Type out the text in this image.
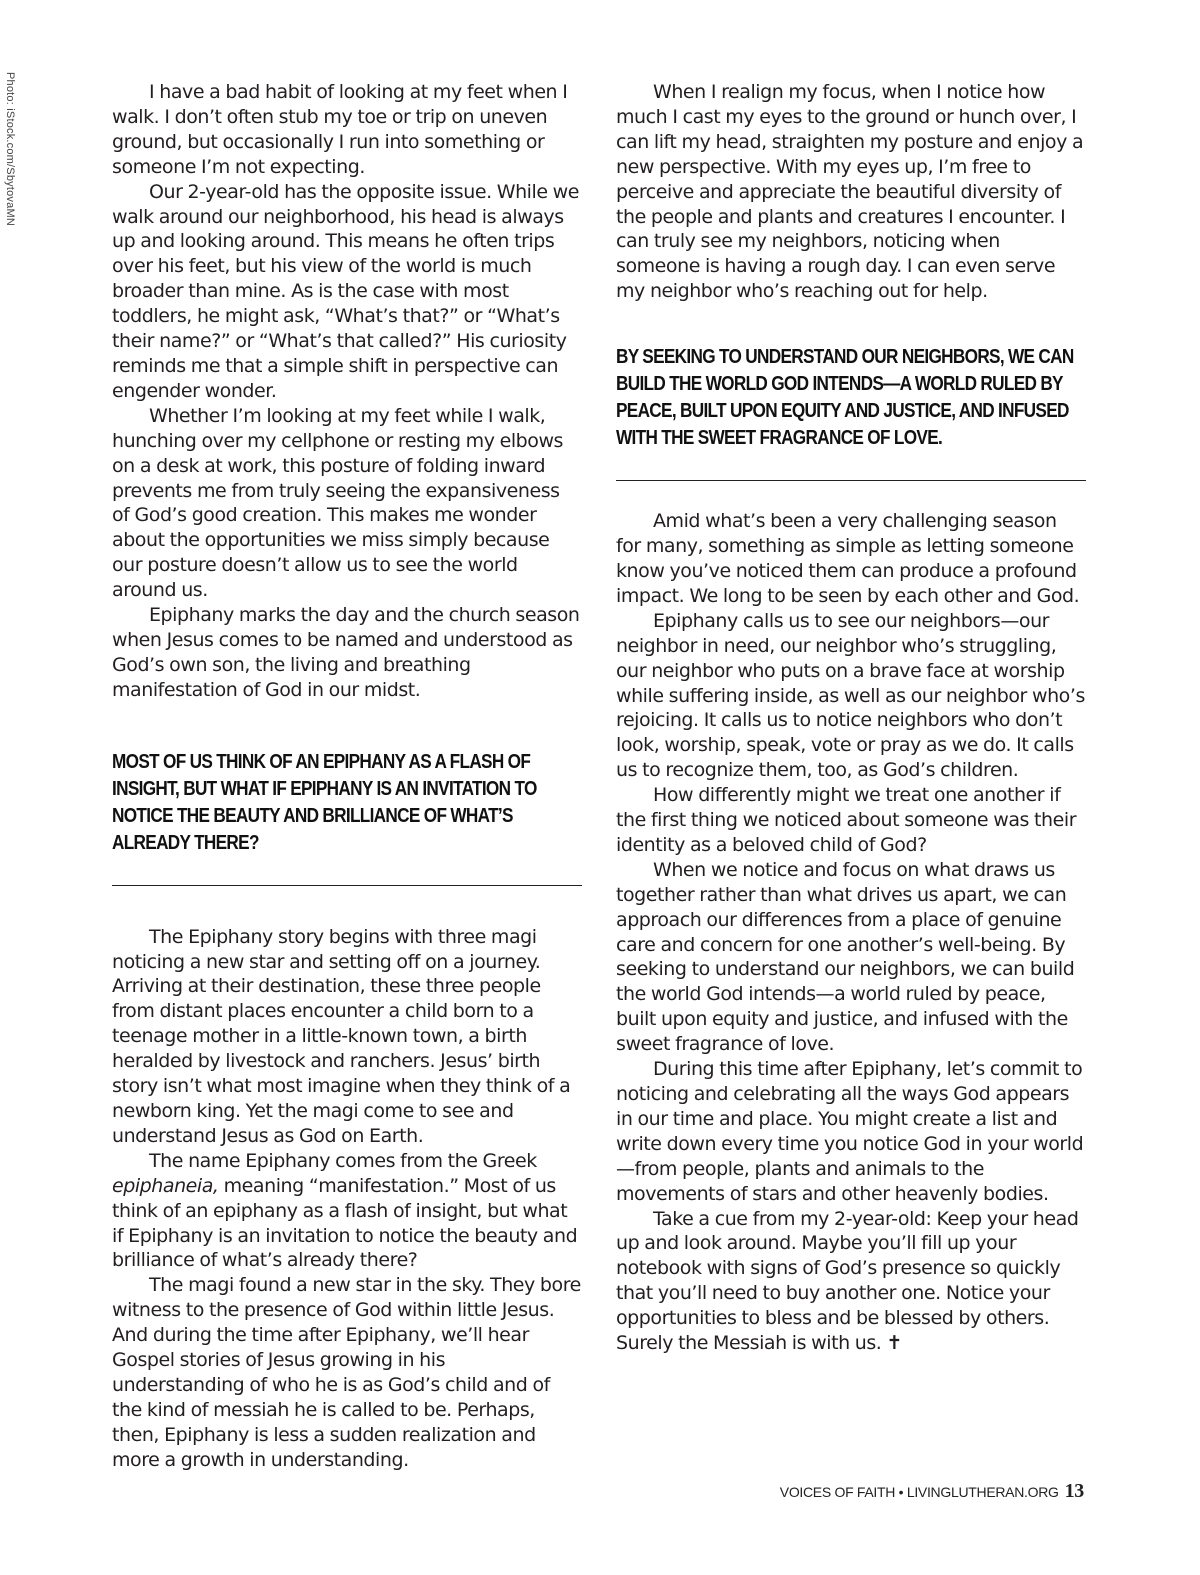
Photo: iStock.com/SbytovaMN	I have a bad habit of looking at my feet when I walk. I don’t often stub my toe or trip on uneven ground, but occasionally I run into something or someone I’m not expecting.

Our 2-year-old has the opposite issue. While we walk around our neighborhood, his head is always up and looking around. This means he often trips over his feet, but his view of the world is much broader than mine. As is the case with most toddlers, he might ask, “What’s that?” or “What’s their name?” or “What’s that called?” His curiosity reminds me that a simple shift in perspective can engender wonder.

Whether I’m looking at my feet while I walk, hunching over my cellphone or resting my elbows on a desk at work, this posture of folding inward prevents me from truly seeing the expansiveness of God’s good creation. This makes me wonder about the opportunities we miss simply because our posture doesn’t allow us to see the world around us.

Epiphany marks the day and the church season when Jesus comes to be named and understood as God’s own son, the living and breathing manifestation of God in our midst.

MOST OF US THINK OF AN EPIPHANY AS A FLASH OF INSIGHT, BUT WHAT IF EPIPHANY IS AN INVITATION TO NOTICE THE BEAUTY AND BRILLIANCE OF WHAT’S ALREADY THERE?

The Epiphany story begins with three magi noticing a new star and setting off on a journey. Arriving at their destination, these three people from distant places encounter a child born to a teenage mother in a little-known town, a birth heralded by livestock and ranchers. Jesus’ birth story isn’t what most imagine when they think of a newborn king. Yet the magi come to see and understand Jesus as God on Earth.

The name Epiphany comes from the Greek epiphaneia, meaning “manifestation.” Most of us think of an epiphany as a flash of insight, but what if Epiphany is an invitation to notice the beauty and brilliance of what’s already there?

The magi found a new star in the sky. They bore witness to the presence of God within little Jesus. And during the time after Epiphany, we’ll hear Gospel stories of Jesus growing in his understanding of who he is as God’s child and of the kind of messiah he is called to be. Perhaps, then, Epiphany is less a sudden realization and more a growth in understanding.

When I realign my focus, when I notice how much I cast my eyes to the ground or hunch over, I can lift my head, straighten my posture and enjoy a new perspective. With my eyes up, I’m free to perceive and appreciate the beautiful diversity of the people and plants and creatures I encounter. I can truly see my neighbors, noticing when someone is having a rough day. I can even serve my neighbor who’s reaching out for help.

BY SEEKING TO UNDERSTAND OUR NEIGHBORS, WE CAN BUILD THE WORLD GOD INTENDS—A WORLD RULED BY PEACE, BUILT UPON EQUITY AND JUSTICE, AND INFUSED WITH THE SWEET FRAGRANCE OF LOVE.

Amid what’s been a very challenging season for many, something as simple as letting someone know you’ve noticed them can produce a profound impact. We long to be seen by each other and God.

Epiphany calls us to see our neighbors—our neighbor in need, our neighbor who’s struggling, our neighbor who puts on a brave face at worship while suffering inside, as well as our neighbor who’s rejoicing. It calls us to notice neighbors who don’t look, worship, speak, vote or pray as we do. It calls us to recognize them, too, as God’s children.

How differently might we treat one another if the first thing we noticed about someone was their identity as a beloved child of God?

When we notice and focus on what draws us together rather than what drives us apart, we can approach our differences from a place of genuine care and concern for one another’s well-being. By seeking to understand our neighbors, we can build the world God intends—a world ruled by peace, built upon equity and justice, and infused with the sweet fragrance of love.

During this time after Epiphany, let’s commit to noticing and celebrating all the ways God appears in our time and place. You might create a list and write down every time you notice God in your world—from people, plants and animals to the movements of stars and other heavenly bodies.

Take a cue from my 2-year-old: Keep your head up and look around. Maybe you’ll fill up your notebook with signs of God’s presence so quickly that you’ll need to buy another one. Notice your opportunities to bless and be blessed by others. Surely the Messiah is with us. ✝

VOICES OF FAITH • LIVINGLUTHERAN.ORG 13
